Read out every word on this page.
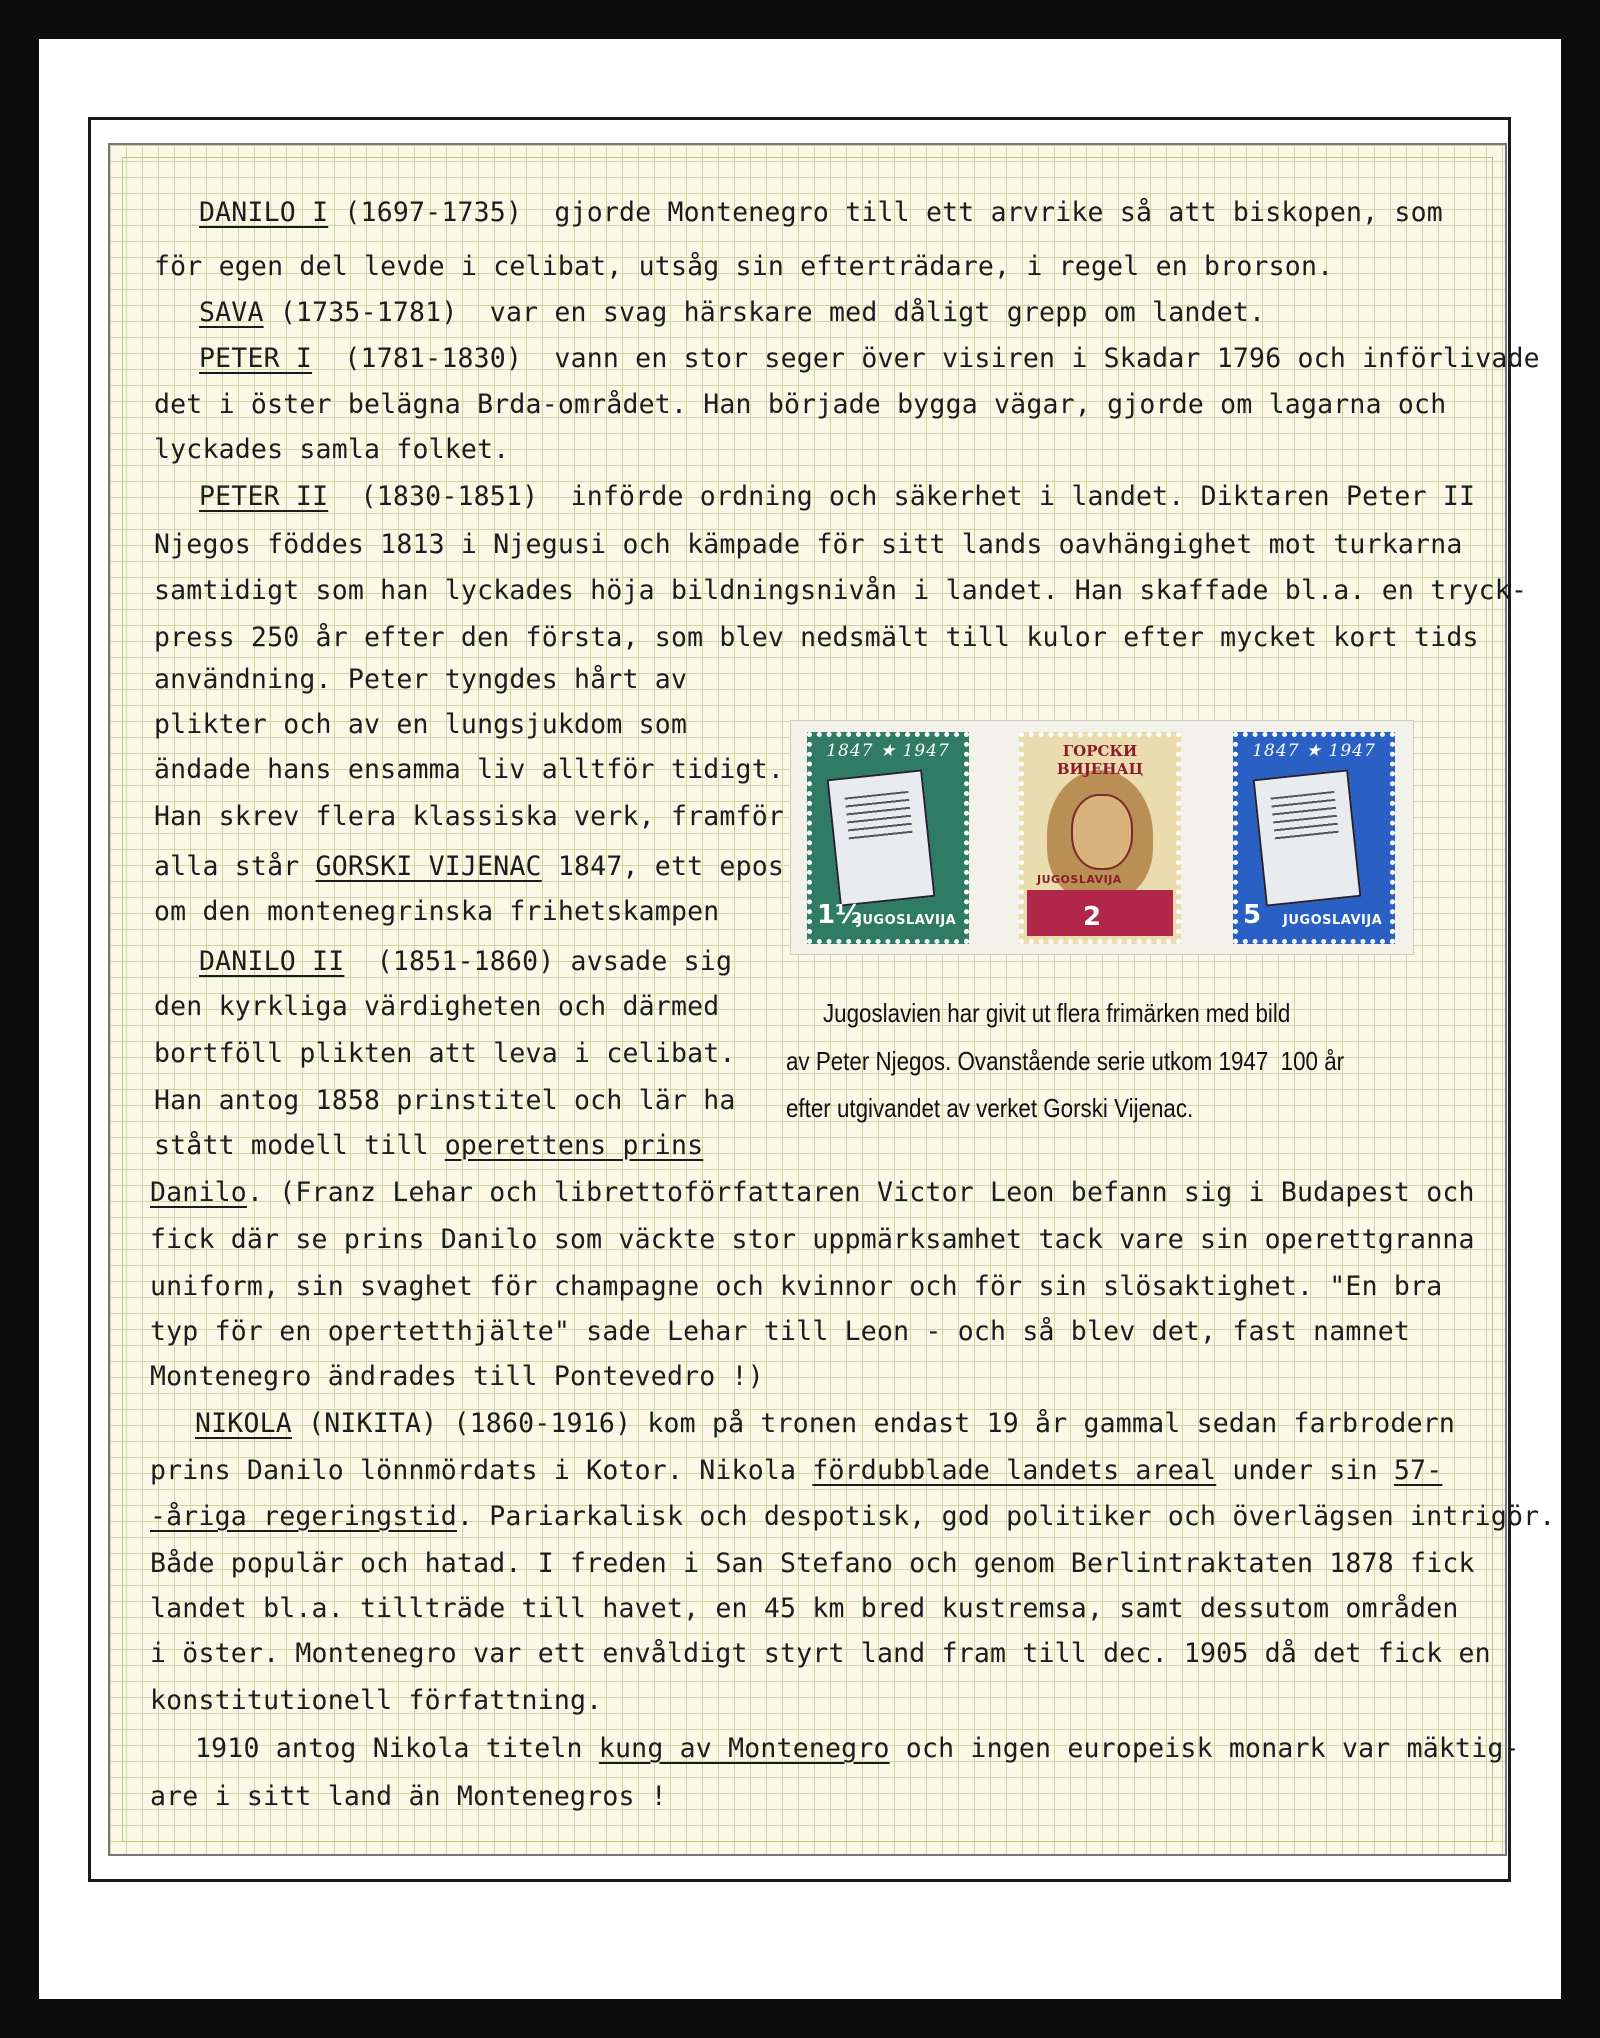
DANILO I (1697-1735)  gjorde Montenegro till ett arvrike så att biskopen, som
för egen del levde i celibat, utsåg sin efterträdare, i regel en brorson.
SAVA (1735-1781)  var en svag härskare med dåligt grepp om landet.
PETER I  (1781-1830)  vann en stor seger över visiren i Skadar 1796 och införlivade
det i öster belägna Brda-området. Han började bygga vägar, gjorde om lagarna och
lyckades samla folket.
PETER II  (1830-1851)  införde ordning och säkerhet i landet. Diktaren Peter II
Njegos föddes 1813 i Njegusi och kämpade för sitt lands oavhängighet mot turkarna
samtidigt som han lyckades höja bildningsnivån i landet. Han skaffade bl.a. en tryck-
press 250 år efter den första, som blev nedsmält till kulor efter mycket kort tids
användning. Peter tyngdes hårt av
plikter och av en lungsjukdom som
ändade hans ensamma liv alltför tidigt.
Han skrev flera klassiska verk, framför
alla står GORSKI VIJENAC 1847, ett epos
om den montenegrinska frihetskampen
DANILO II  (1851-1860) avsade sig
den kyrkliga värdigheten och därmed
bortföll plikten att leva i celibat.
Han antog 1858 prinstitel och lär ha
stått modell till operettens prins
Danilo. (Franz Lehar och librettoförfattaren Victor Leon befann sig i Budapest och
fick där se prins Danilo som väckte stor uppmärksamhet tack vare sin operettgranna
uniform, sin svaghet för champagne och kvinnor och för sin slösaktighet. "En bra
typ för en opertetthjälte" sade Lehar till Leon - och så blev det, fast namnet
Montenegro ändrades till Pontevedro !)
NIKOLA (NIKITA) (1860-1916) kom på tronen endast 19 år gammal sedan farbrodern
prins Danilo lönnmördats i Kotor. Nikola fördubblade landets areal under sin 57-
-åriga regeringstid. Pariarkalisk och despotisk, god politiker och överlägsen intrigör.
Både populär och hatad. I freden i San Stefano och genom Berlintraktaten 1878 fick
landet bl.a. tillträde till havet, en 45 km bred kustremsa, samt dessutom områden
i öster. Montenegro var ett envåldigt styrt land fram till dec. 1905 då det fick en
konstitutionell författning.
1910 antog Nikola titeln kung av Montenegro och ingen europeisk monark var mäktig-
are i sitt land än Montenegros !
1847 ★ 1947
1½
JUGOSLAVIJA
ГОРСКИ ВИЈЕНАЦ
2
JUGOSLAVIJA
1847 ★ 1947
5 JUGOSLAVIJA
Jugoslavien har givit ut flera frimärken med bild
av Peter Njegos. Ovanstående serie utkom 1947  100 år
efter utgivandet av verket Gorski Vijenac.
